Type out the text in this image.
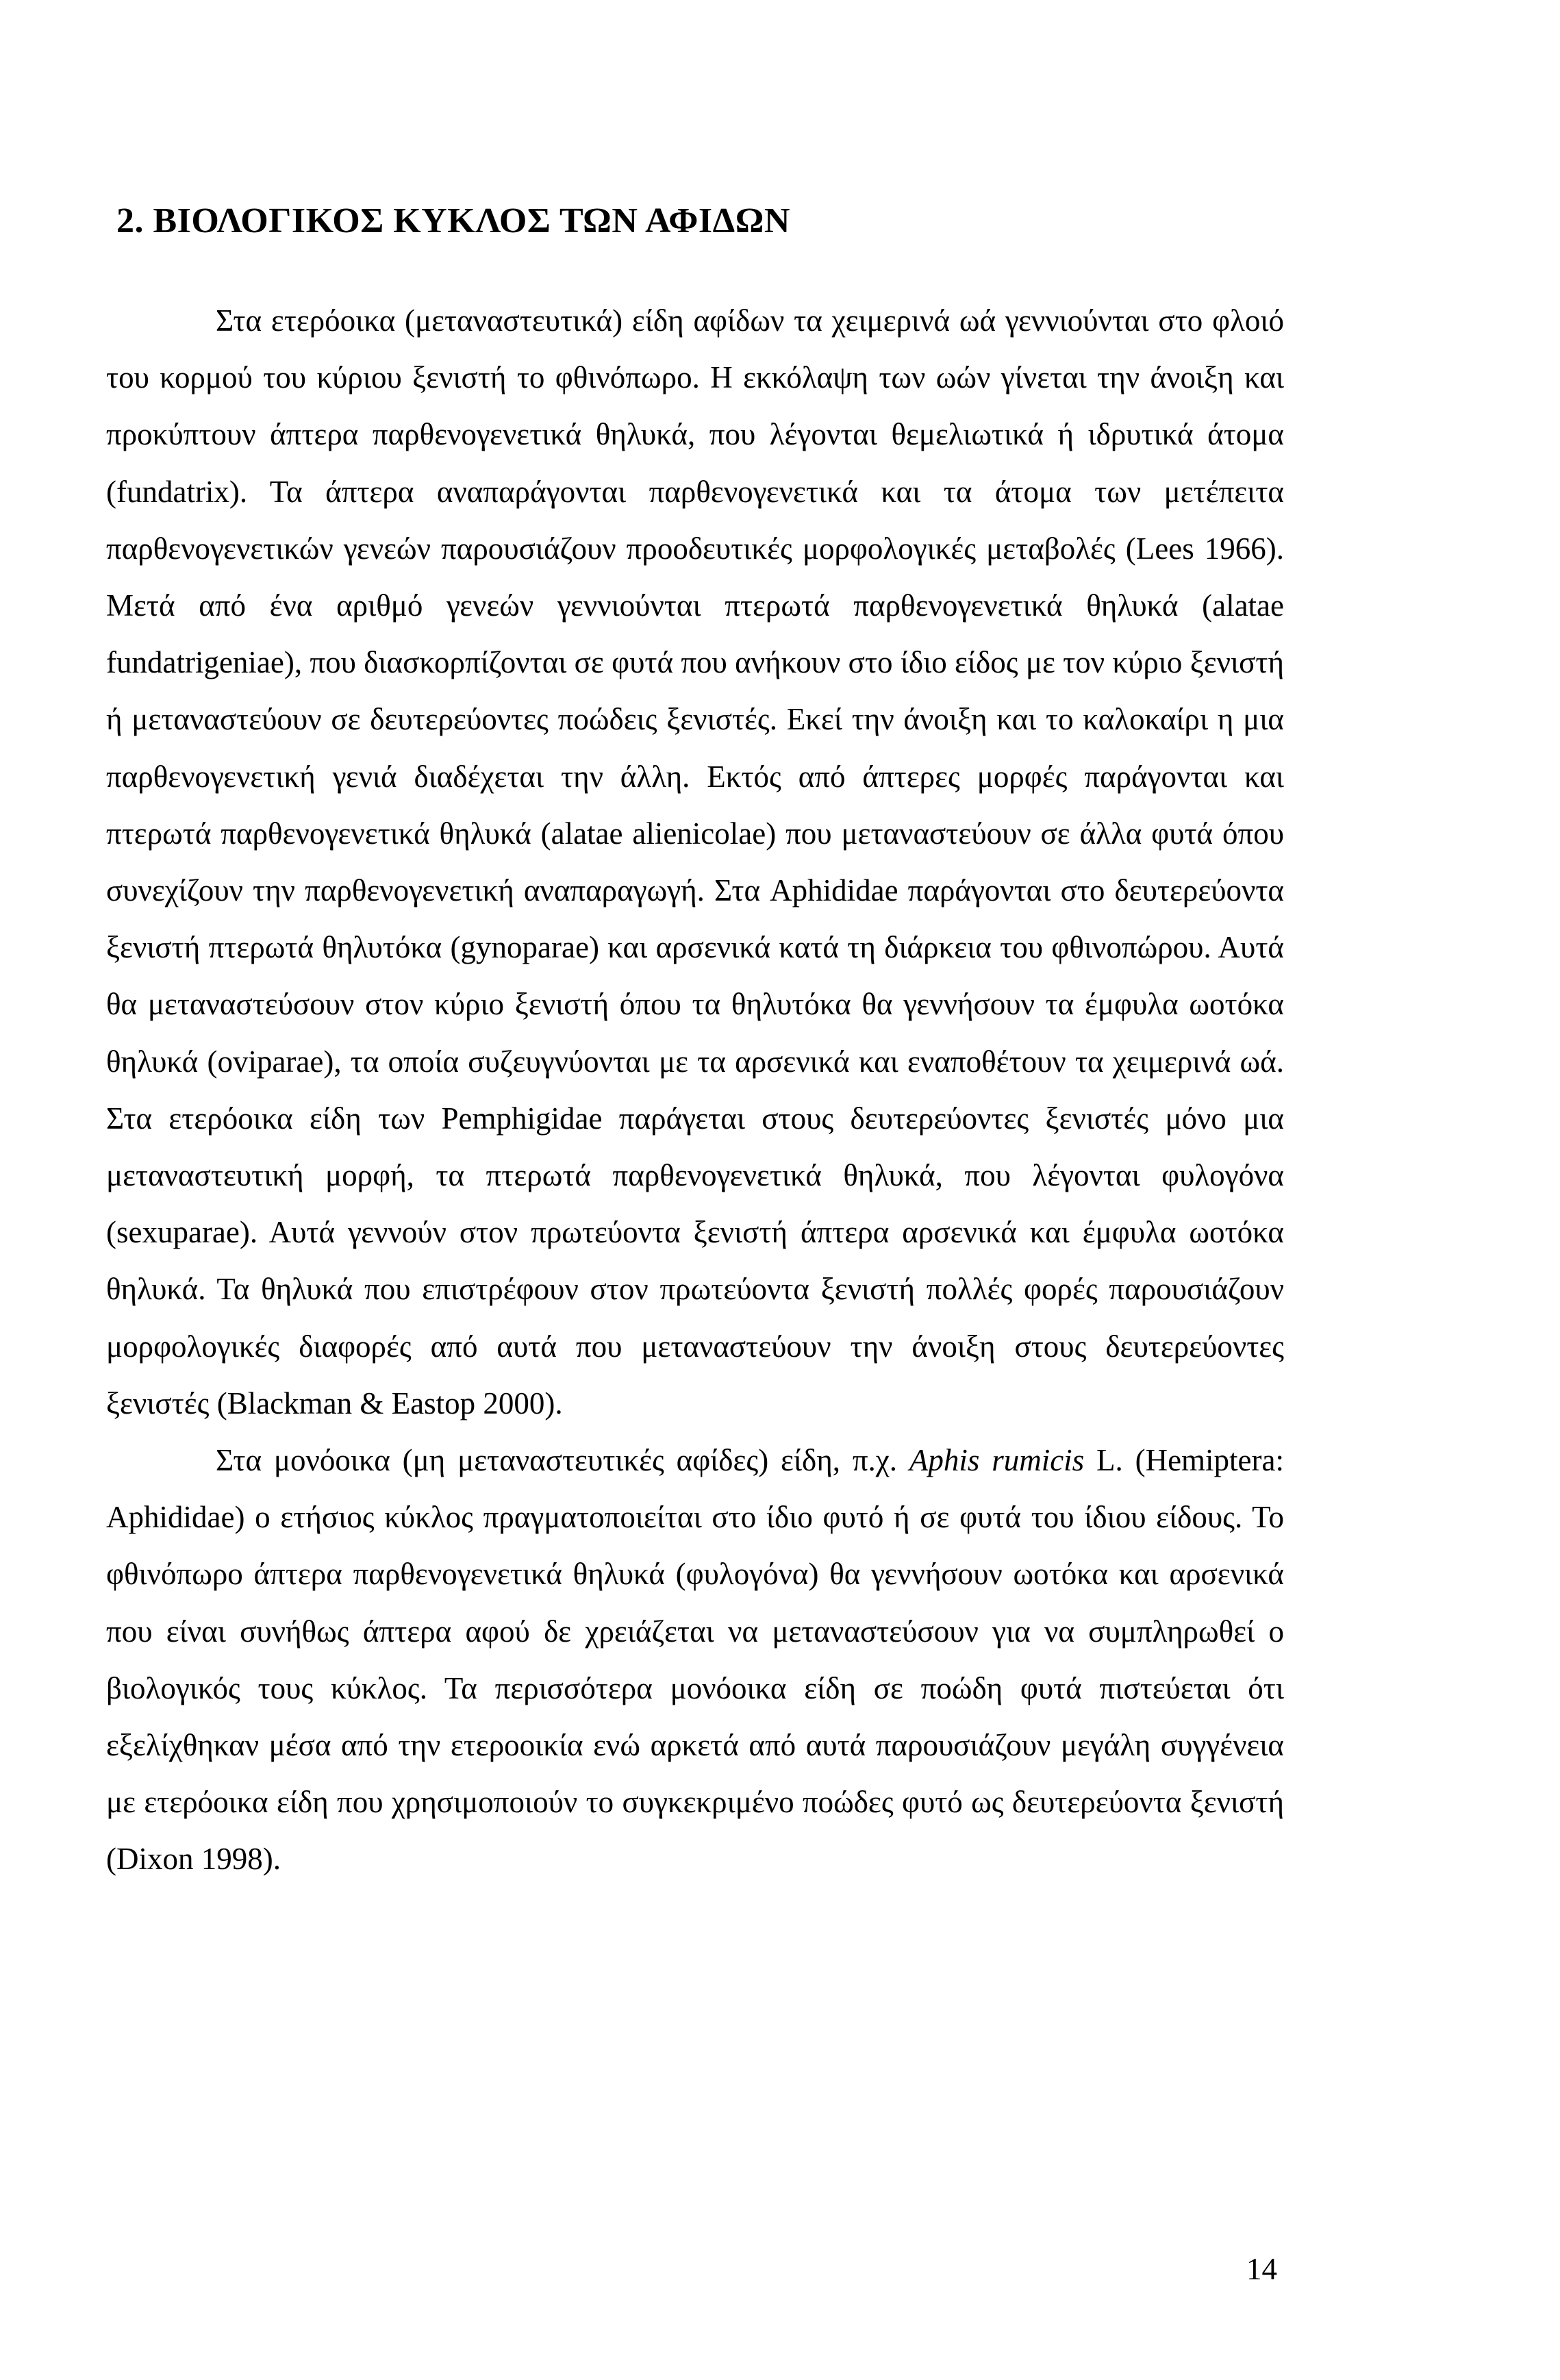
2. ΒΙΟΛΟΓΙΚΟΣ ΚΥΚΛΟΣ ΤΩΝ ΑΦΙΔΩΝ

Στα ετερόοικα (μεταναστευτικά) είδη αφίδων τα χειμερινά ωά γεννιούνται στο φλοιό του κορμού του κύριου ξενιστή το φθινόπωρο. Η εκκόλαψη των ωών γίνεται την άνοιξη και προκύπτουν άπτερα παρθενογενετικά θηλυκά, που λέγονται θεμελιωτικά ή ιδρυτικά άτομα (fundatrix). Τα άπτερα αναπαράγονται παρθενογενετικά και τα άτομα των μετέπειτα παρθενογενετικών γενεών παρουσιάζουν προοδευτικές μορφολογικές μεταβολές (Lees 1966). Μετά από ένα αριθμό γενεών γεννιούνται πτερωτά παρθενογενετικά θηλυκά (alatae fundatrigeniae), που διασκορπίζονται σε φυτά που ανήκουν στο ίδιο είδος με τον κύριο ξενιστή ή μεταναστεύουν σε δευτερεύοντες ποώδεις ξενιστές. Εκεί την άνοιξη και το καλοκαίρι η μια παρθενογενετική γενιά διαδέχεται την άλλη. Εκτός από άπτερες μορφές παράγονται και πτερωτά παρθενογενετικά θηλυκά (alatae alienicolae) που μεταναστεύουν σε άλλα φυτά όπου συνεχίζουν την παρθενογενετική αναπαραγωγή. Στα Aphididae παράγονται στο δευτερεύοντα ξενιστή πτερωτά θηλυτόκα (gynoparae) και αρσενικά κατά τη διάρκεια του φθινοπώρου. Αυτά θα μεταναστεύσουν στον κύριο ξενιστή όπου τα θηλυτόκα θα γεννήσουν τα έμφυλα ωοτόκα θηλυκά (oviparae), τα οποία συζευγνύονται με τα αρσενικά και εναποθέτουν τα χειμερινά ωά. Στα ετερόοικα είδη των Pemphigidae παράγεται στους δευτερεύοντες ξενιστές μόνο μια μεταναστευτική μορφή, τα πτερωτά παρθενογενετικά θηλυκά, που λέγονται φυλογόνα (sexuparae). Αυτά γεννούν στον πρωτεύοντα ξενιστή άπτερα αρσενικά και έμφυλα ωοτόκα θηλυκά. Τα θηλυκά που επιστρέφουν στον πρωτεύοντα ξενιστή πολλές φορές παρουσιάζουν μορφολογικές διαφορές από αυτά που μεταναστεύουν την άνοιξη στους δευτερεύοντες ξενιστές (Blackman & Eastop 2000).

Στα μονόοικα (μη μεταναστευτικές αφίδες) είδη, π.χ. Aphis rumicis L. (Hemiptera: Aphididae) ο ετήσιος κύκλος πραγματοποιείται στο ίδιο φυτό ή σε φυτά του ίδιου είδους. Το φθινόπωρο άπτερα παρθενογενετικά θηλυκά (φυλογόνα) θα γεννήσουν ωοτόκα και αρσενικά που είναι συνήθως άπτερα αφού δε χρειάζεται να μεταναστεύσουν για να συμπληρωθεί ο βιολογικός τους κύκλος. Τα περισσότερα μονόοικα είδη σε ποώδη φυτά πιστεύεται ότι εξελίχθηκαν μέσα από την ετεροοικία ενώ αρκετά από αυτά παρουσιάζουν μεγάλη συγγένεια με ετερόοικα είδη που χρησιμοποιούν το συγκεκριμένο ποώδες φυτό ως δευτερεύοντα ξενιστή (Dixon 1998).

14
